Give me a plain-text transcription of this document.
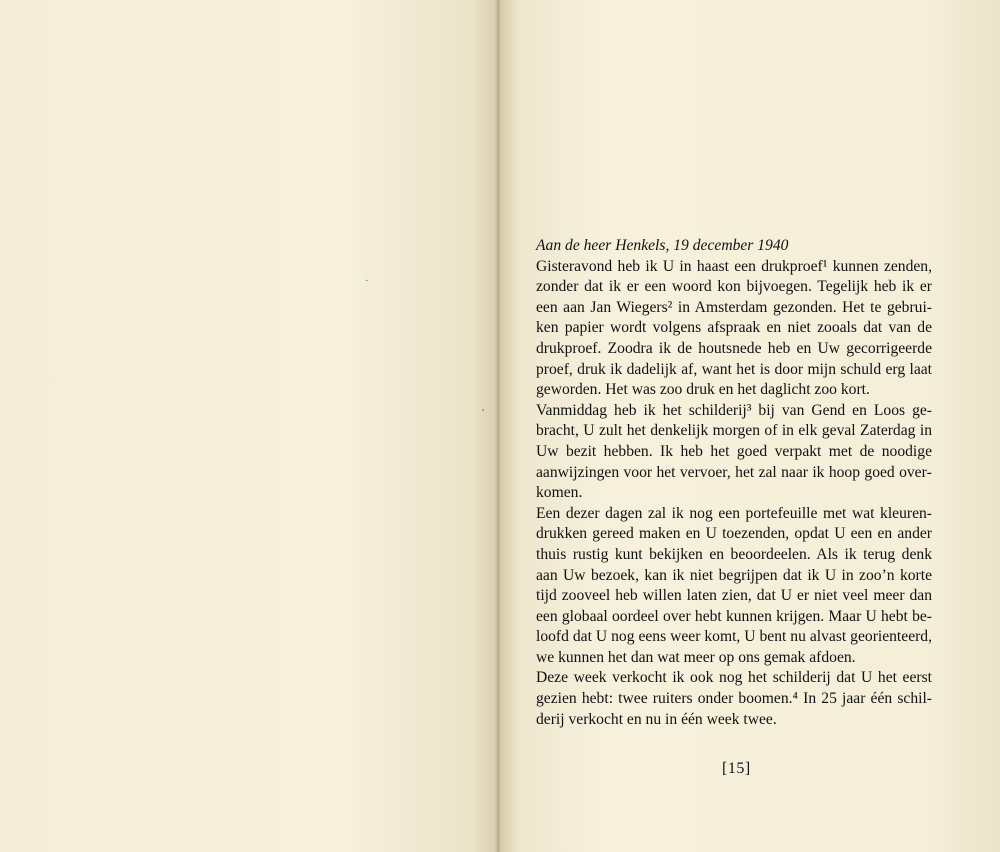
·
'

Aan de heer Henkels, 19 december 1940

Gisteravond heb ik U in haast een drukproef¹ kunnen zenden, zonder dat ik er een woord kon bijvoegen. Tegelijk heb ik er een aan Jan Wiegers² in Amsterdam gezonden. Het te gebruiken papier wordt volgens afspraak en niet zooals dat van de drukproef. Zoodra ik de houtsnede heb en Uw gecorrigeerde proef, druk ik dadelijk af, want het is door mijn schuld erg laat geworden. Het was zoo druk en het daglicht zoo kort.

Vanmiddag heb ik het schilderij³ bij van Gend en Loos gebracht, U zult het denkelijk morgen of in elk geval Zaterdag in Uw bezit hebben. Ik heb het goed verpakt met de noodige aanwijzingen voor het vervoer, het zal naar ik hoop goed overkomen.

Een dezer dagen zal ik nog een portefeuille met wat kleurendrukken gereed maken en U toezenden, opdat U een en ander thuis rustig kunt bekijken en beoordeelen. Als ik terug denk aan Uw bezoek, kan ik niet begrijpen dat ik U in zoo’n korte tijd zooveel heb willen laten zien, dat U er niet veel meer dan een globaal oordeel over hebt kunnen krijgen. Maar U hebt beloofd dat U nog eens weer komt, U bent nu alvast georienteerd, we kunnen het dan wat meer op ons gemak afdoen.

Deze week verkocht ik ook nog het schilderij dat U het eerst gezien hebt: twee ruiters onder boomen.⁴ In 25 jaar één schilderij verkocht en nu in één week twee.

[15]
